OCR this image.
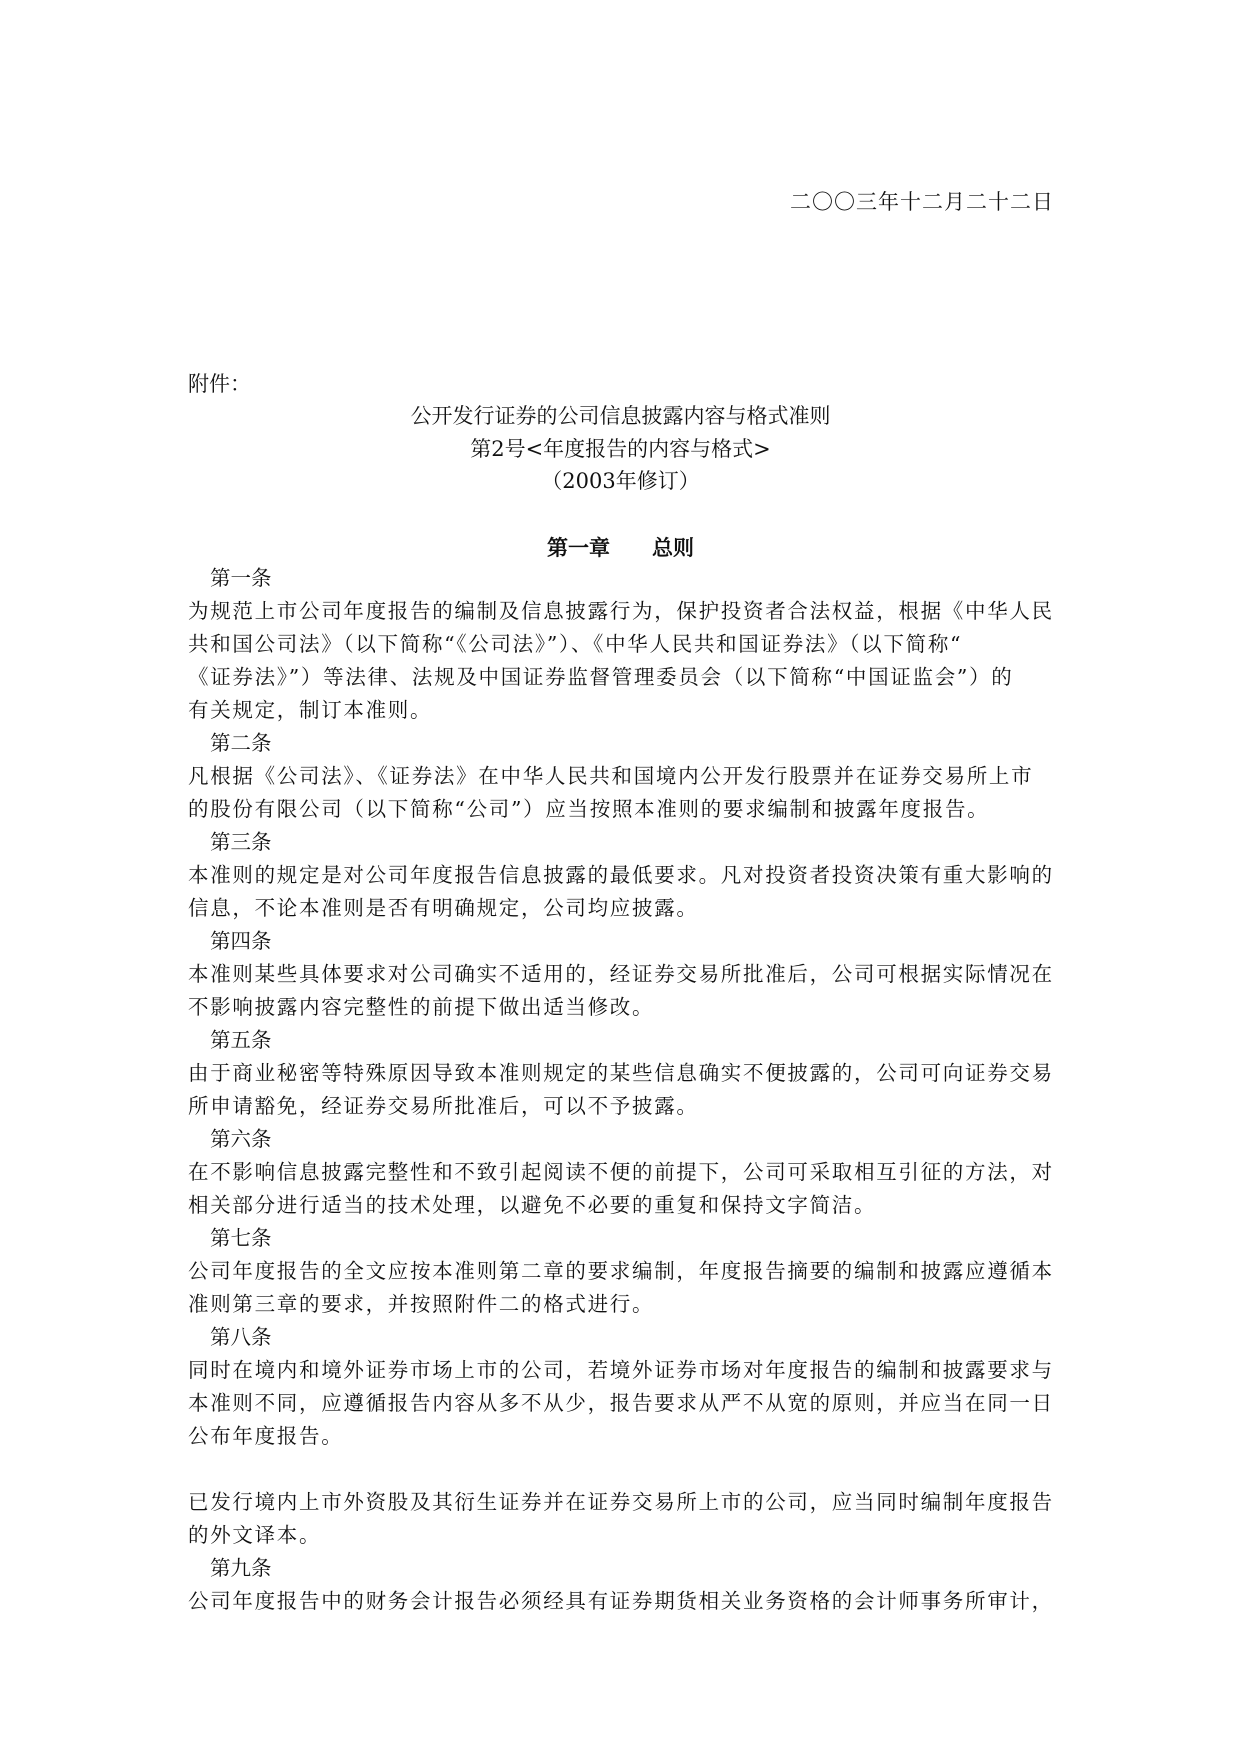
二〇〇三年十二月二十二日
附件：
公开发行证券的公司信息披露内容与格式准则
第2号<年度报告的内容与格式>
（2003年修订）
第一章　　总则
第一条
为规范上市公司年度报告的编制及信息披露行为，保护投资者合法权益，根据《中华人民
共和国公司法》（以下简称“《公司法》”）、《中华人民共和国证券法》（以下简称“
《证券法》”）等法律、法规及中国证券监督管理委员会（以下简称“中国证监会”）的
有关规定，制订本准则。
第二条
凡根据《公司法》、《证券法》在中华人民共和国境内公开发行股票并在证券交易所上市
的股份有限公司（以下简称“公司”）应当按照本准则的要求编制和披露年度报告。
第三条
本准则的规定是对公司年度报告信息披露的最低要求。凡对投资者投资决策有重大影响的
信息，不论本准则是否有明确规定，公司均应披露。
第四条
本准则某些具体要求对公司确实不适用的，经证券交易所批准后，公司可根据实际情况在
不影响披露内容完整性的前提下做出适当修改。
第五条
由于商业秘密等特殊原因导致本准则规定的某些信息确实不便披露的，公司可向证券交易
所申请豁免，经证券交易所批准后，可以不予披露。
第六条
在不影响信息披露完整性和不致引起阅读不便的前提下，公司可采取相互引征的方法，对
相关部分进行适当的技术处理，以避免不必要的重复和保持文字简洁。
第七条
公司年度报告的全文应按本准则第二章的要求编制，年度报告摘要的编制和披露应遵循本
准则第三章的要求，并按照附件二的格式进行。
第八条
同时在境内和境外证券市场上市的公司，若境外证券市场对年度报告的编制和披露要求与
本准则不同，应遵循报告内容从多不从少，报告要求从严不从宽的原则，并应当在同一日
公布年度报告。
已发行境内上市外资股及其衍生证券并在证券交易所上市的公司，应当同时编制年度报告
的外文译本。
第九条
公司年度报告中的财务会计报告必须经具有证券期货相关业务资格的会计师事务所审计，
